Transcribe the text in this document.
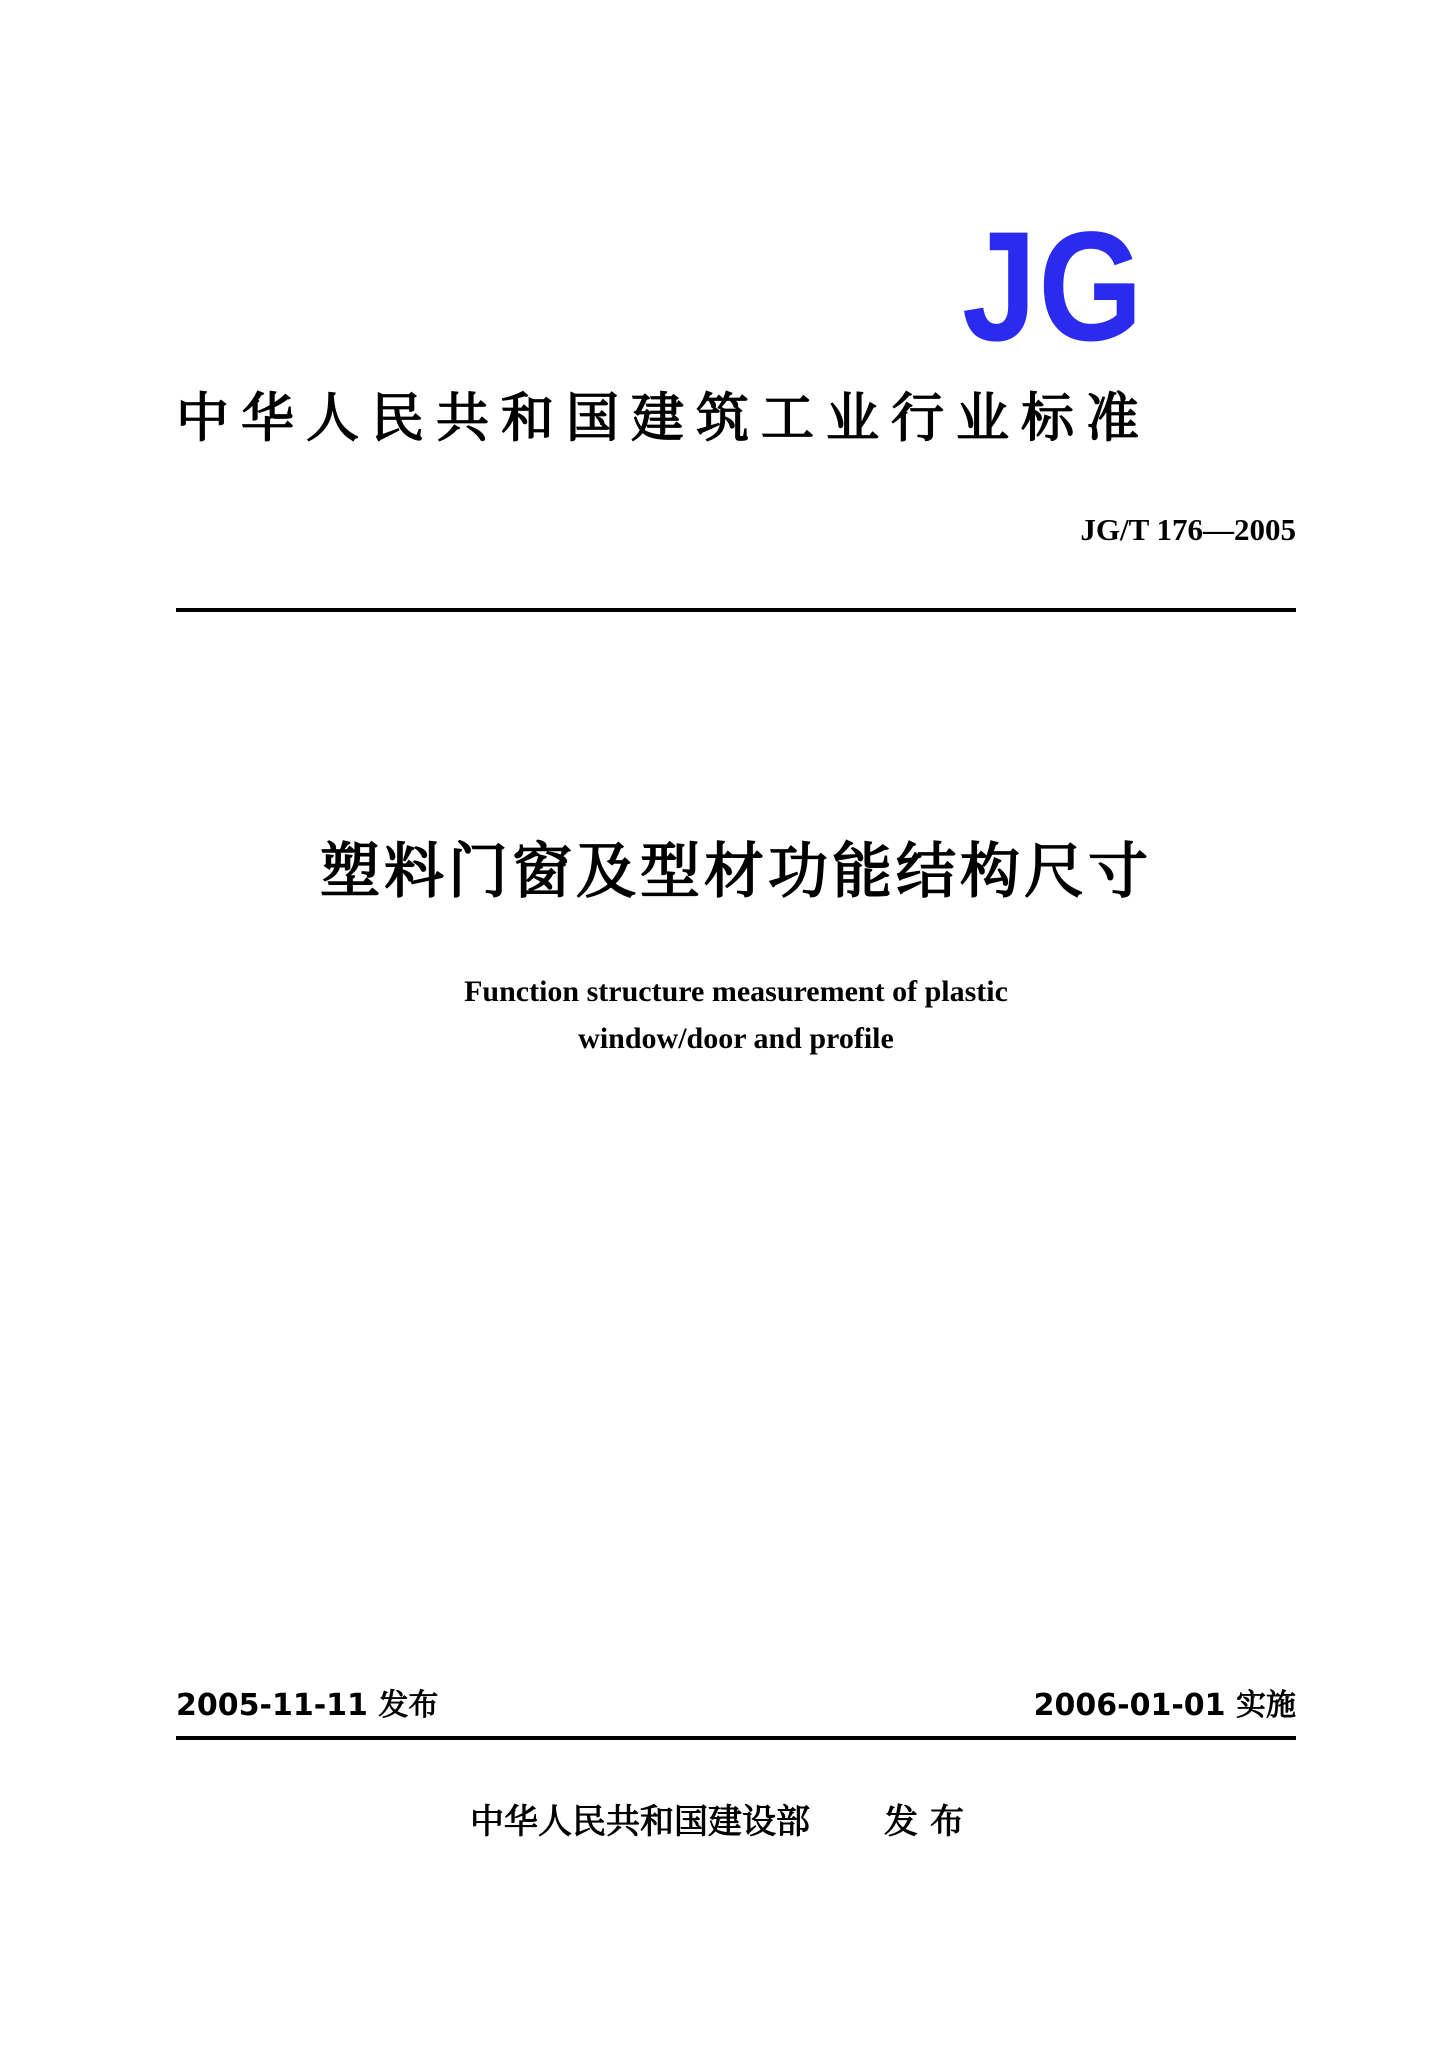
JG
中华人民共和国建筑工业行业标准
JG/T 176—2005
塑料门窗及型材功能结构尺寸
Function structure measurement of plastic
window/door and profile
2005-11-11 发布	2006-01-01 实施
中华人民共和国建设部 发布
